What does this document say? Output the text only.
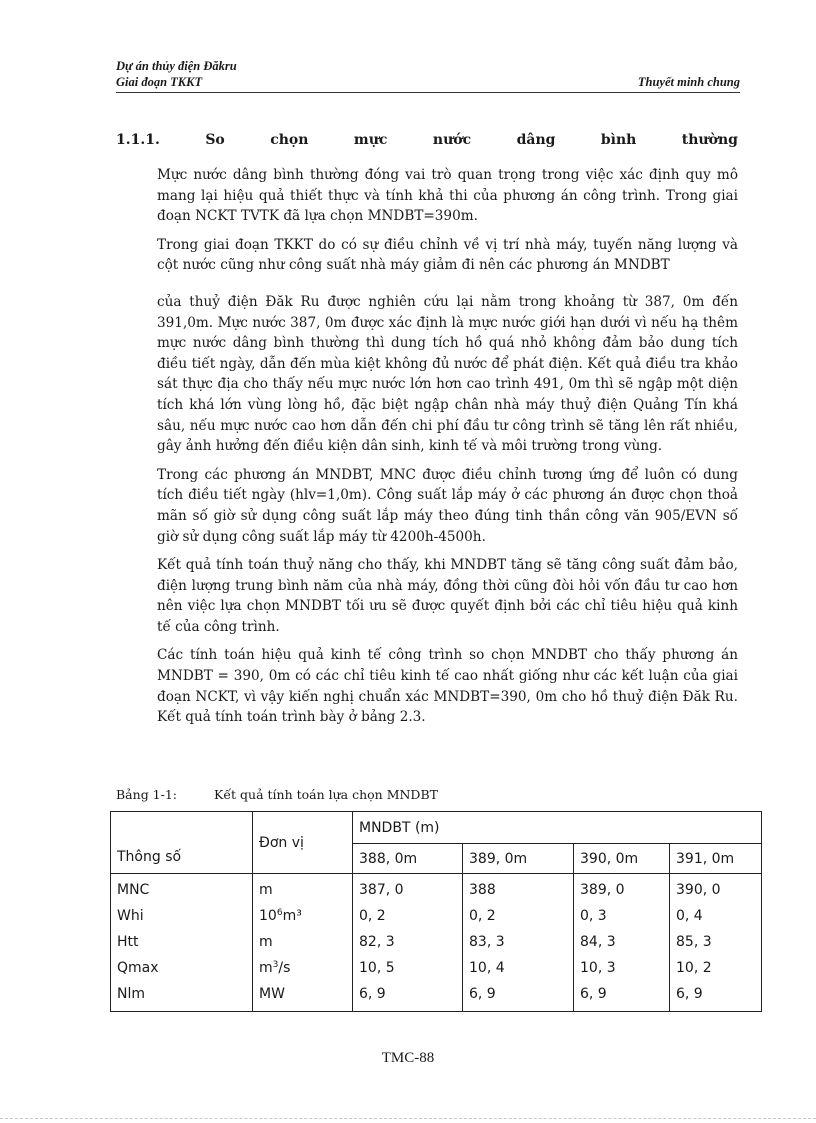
Dự án thủy điện Đăkru
Giai đoạn TKKT	Thuyết minh chung
1.1.1.	So	chọn	mực	nước	dâng	bình	thường

Mực nước dâng bình thường đóng vai trò quan trọng trong việc xác định quy mô mang lại hiệu quả thiết thực và tính khả thi của phương án công trình. Trong giai đoạn NCKT TVTK đã lựa chọn MNDBT=390m.

Trong giai đoạn TKKT do có sự điều chỉnh về vị trí nhà máy, tuyến năng lượng và cột nước cũng như công suất nhà máy giảm đi nên các phương án MNDBT

của thuỷ điện Đăk Ru được nghiên cứu lại nằm trong khoảng từ 387, 0m đến 391,0m. Mực nước 387, 0m được xác định là mực nước giới hạn dưới vì nếu hạ thêm mực nước dâng bình thường thì dung tích hồ quá nhỏ không đảm bảo dung tích điều tiết ngày, dẫn đến mùa kiệt không đủ nước để phát điện. Kết quả điều tra khảo sát thực địa cho thấy nếu mực nước lớn hơn cao trình 491, 0m thì sẽ ngập một diện tích khá lớn vùng lòng hồ, đặc biệt ngập chân nhà máy thuỷ điện Quảng Tín khá sâu, nếu mực nước cao hơn dẫn đến chi phí đầu tư công trình sẽ tăng lên rất nhiều, gây ảnh hưởng đến điều kiện dân sinh, kinh tế và môi trường trong vùng.

Trong các phương án MNDBT, MNC được điều chỉnh tương ứng để luôn có dung tích điều tiết ngày (hlv=1,0m). Công suất lắp máy ở các phương án được chọn thoả mãn số giờ sử dụng công suất lắp máy theo đúng tinh thần công văn 905/EVN số giờ sử dụng công suất lắp máy từ 4200h-4500h.

Kết quả tính toán thuỷ năng cho thấy, khi MNDBT tăng sẽ tăng công suất đảm bảo, điện lượng trung bình năm của nhà máy, đồng thời cũng đòi hỏi vốn đầu tư cao hơn nên việc lựa chọn MNDBT tối ưu sẽ được quyết định bởi các chỉ tiêu hiệu quả kinh tế của công trình.

Các tính toán hiệu quả kinh tế công trình so chọn MNDBT cho thấy phương án MNDBT = 390, 0m có các chỉ tiêu kinh tế cao nhất giống như các kết luận của giai đoạn NCKT, vì vậy kiến nghị chuẩn xác MNDBT=390, 0m cho hồ thuỷ điện Đăk Ru. Kết quả tính toán trình bày ở bảng 2.3.

Bảng 1-1:	Kết quả tính toán lựa chọn MNDBT
Thông số	Đơn vị	MNDBT (m)			
		388, 0m	389, 0m	390, 0m	391, 0m
MNC	m	387, 0	388	389, 0	390, 0
Whi	$10^6m^3$	0, 2	0, 2	0, 3	0, 4
Htt	m	82, 3	83, 3	84, 3	85, 3
Qmax	$m^3/s$	10, 5	10, 4	10, 3	10, 2
Nlm	MW	6, 9	6, 9	6, 9	6, 9
TMC-88
